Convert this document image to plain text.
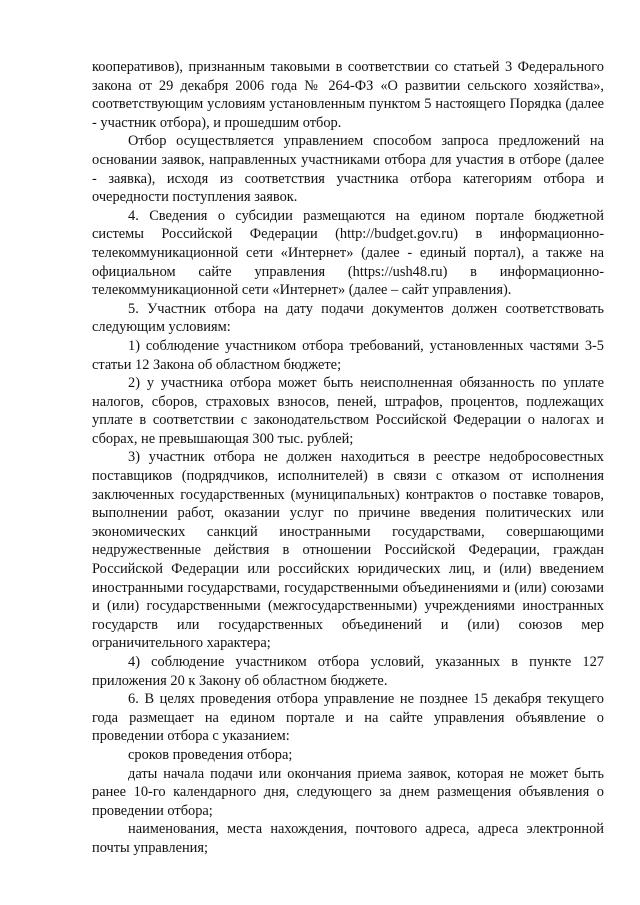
кооперативов), признанным таковыми в соответствии со статьей 3 Федерального закона от 29 декабря 2006 года № 264-ФЗ «О развитии сельского хозяйства», соответствующим условиям установленным пунктом 5 настоящего Порядка (далее - участник отбора), и прошедшим отбор.

Отбор осуществляется управлением способом запроса предложений на основании заявок, направленных участниками отбора для участия в отборе (далее - заявка), исходя из соответствия участника отбора категориям отбора и очередности поступления заявок.

4. Сведения о субсидии размещаются на едином портале бюджетной системы Российской Федерации (http://budget.gov.ru) в информационно-телекоммуникационной сети «Интернет» (далее - единый портал), а также на официальном сайте управления (https://ush48.ru) в информационно-телекоммуникационной сети «Интернет» (далее – сайт управления).

5. Участник отбора на дату подачи документов должен соответствовать следующим условиям:

1) соблюдение участником отбора требований, установленных частями 3-5 статьи 12 Закона об областном бюджете;

2) у участника отбора может быть неисполненная обязанность по уплате налогов, сборов, страховых взносов, пеней, штрафов, процентов, подлежащих уплате в соответствии с законодательством Российской Федерации о налогах и сборах, не превышающая 300 тыс. рублей;

3) участник отбора не должен находиться в реестре недобросовестных поставщиков (подрядчиков, исполнителей) в связи с отказом от исполнения заключенных государственных (муниципальных) контрактов о поставке товаров, выполнении работ, оказании услуг по причине введения политических или экономических санкций иностранными государствами, совершающими недружественные действия в отношении Российской Федерации, граждан Российской Федерации или российских юридических лиц, и (или) введением иностранными государствами, государственными объединениями и (или) союзами и (или) государственными (межгосударственными) учреждениями иностранных государств или государственных объединений и (или) союзов мер ограничительного характера;

4) соблюдение участником отбора условий, указанных в пункте 127 приложения 20 к Закону об областном бюджете.

6. В целях проведения отбора управление не позднее 15 декабря текущего года размещает на едином портале и на сайте управления объявление о проведении отбора с указанием:

сроков проведения отбора;

даты начала подачи или окончания приема заявок, которая не может быть ранее 10-го календарного дня, следующего за днем размещения объявления о проведении отбора;

наименования, места нахождения, почтового адреса, адреса электронной почты управления;
